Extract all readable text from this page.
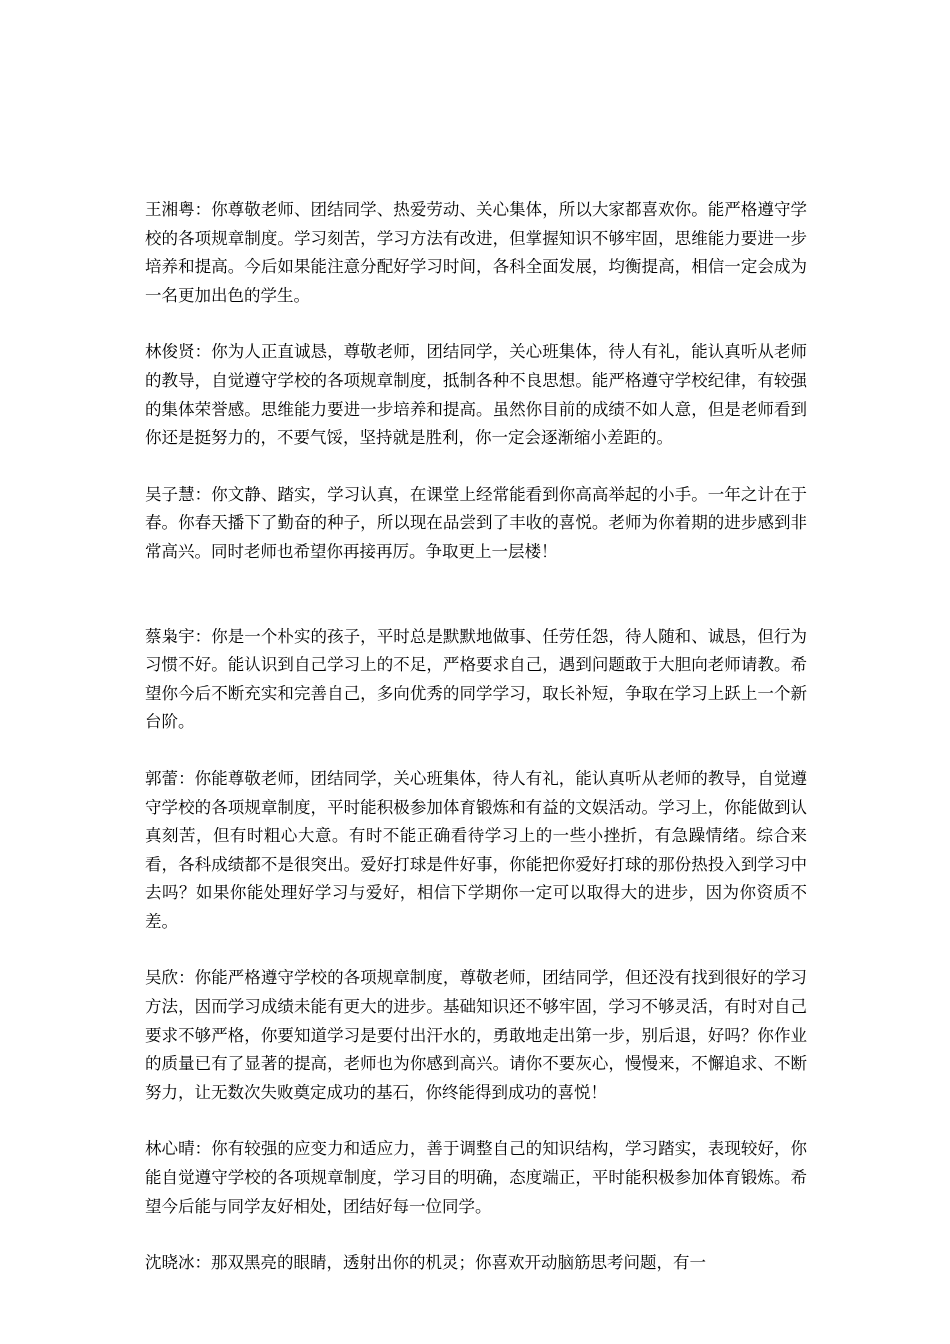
王湘粤：你尊敬老师、团结同学、热爱劳动、关心集体，所以大家都喜欢你。能严格遵守学校的各项规章制度。学习刻苦，学习方法有改进，但掌握知识不够牢固，思维能力要进一步培养和提高。今后如果能注意分配好学习时间，各科全面发展，均衡提高，相信一定会成为一名更加出色的学生。

林俊贤：你为人正直诚恳，尊敬老师，团结同学，关心班集体，待人有礼，能认真听从老师的教导，自觉遵守学校的各项规章制度，抵制各种不良思想。能严格遵守学校纪律，有较强的集体荣誉感。思维能力要进一步培养和提高。虽然你目前的成绩不如人意，但是老师看到你还是挺努力的，不要气馁，坚持就是胜利，你一定会逐渐缩小差距的。

吴子慧：你文静、踏实，学习认真，在课堂上经常能看到你高高举起的小手。一年之计在于春。你春天播下了勤奋的种子，所以现在品尝到了丰收的喜悦。老师为你着期的进步感到非常高兴。同时老师也希望你再接再厉。争取更上一层楼！

蔡枭宇：你是一个朴实的孩子，平时总是默默地做事、任劳任怨，待人随和、诚恳，但行为习惯不好。能认识到自己学习上的不足，严格要求自己，遇到问题敢于大胆向老师请教。希望你今后不断充实和完善自己，多向优秀的同学学习，取长补短，争取在学习上跃上一个新台阶。

郭蕾：你能尊敬老师，团结同学，关心班集体，待人有礼，能认真听从老师的教导，自觉遵守学校的各项规章制度，平时能积极参加体育锻炼和有益的文娱活动。学习上，你能做到认真刻苦，但有时粗心大意。有时不能正确看待学习上的一些小挫折，有急躁情绪。综合来看，各科成绩都不是很突出。爱好打球是件好事，你能把你爱好打球的那份热投入到学习中去吗？如果你能处理好学习与爱好，相信下学期你一定可以取得大的进步，因为你资质不差。

吴欣：你能严格遵守学校的各项规章制度，尊敬老师，团结同学，但还没有找到很好的学习方法，因而学习成绩未能有更大的进步。基础知识还不够牢固，学习不够灵活，有时对自己要求不够严格，你要知道学习是要付出汗水的，勇敢地走出第一步，别后退，好吗？你作业的质量已有了显著的提高，老师也为你感到高兴。请你不要灰心，慢慢来，不懈追求、不断努力，让无数次失败奠定成功的基石，你终能得到成功的喜悦！

林心晴：你有较强的应变力和适应力，善于调整自己的知识结构，学习踏实，表现较好，你能自觉遵守学校的各项规章制度，学习目的明确，态度端正，平时能积极参加体育锻炼。希望今后能与同学友好相处，团结好每一位同学。

沈晓冰：那双黑亮的眼睛，透射出你的机灵；你喜欢开动脑筋思考问题，有一
